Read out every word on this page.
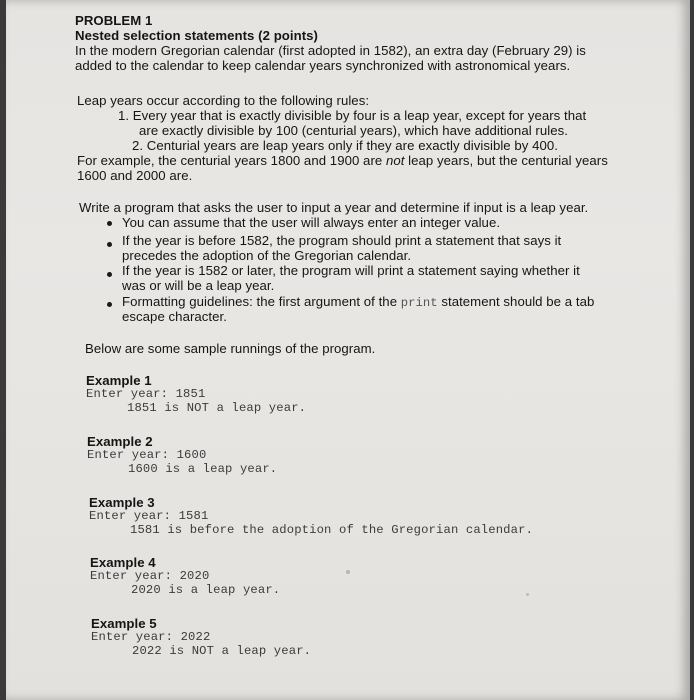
PROBLEM 1
Nested selection statements (2 points)
In the modern Gregorian calendar (first adopted in 1582), an extra day (February 29) is
added to the calendar to keep calendar years synchronized with astronomical years.
Leap years occur according to the following rules:
1. Every year that is exactly divisible by four is a leap year, except for years that
are exactly divisible by 100 (centurial years), which have additional rules.
2. Centurial years are leap years only if they are exactly divisible by 400.
For example, the centurial years 1800 and 1900 are not leap years, but the centurial years
1600 and 2000 are.
Write a program that asks the user to input a year and determine if input is a leap year.
You can assume that the user will always enter an integer value.
If the year is before 1582, the program should print a statement that says it
precedes the adoption of the Gregorian calendar.
If the year is 1582 or later, the program will print a statement saying whether it
was or will be a leap year.
Formatting guidelines: the first argument of the print statement should be a tab
escape character.
Below are some sample runnings of the program.
Example 1
Enter year: 1851
1851 is NOT a leap year.
Example 2
Enter year: 1600
1600 is a leap year.
Example 3
Enter year: 1581
1581 is before the adoption of the Gregorian calendar.
Example 4
Enter year: 2020
2020 is a leap year.
Example 5
Enter year: 2022
2022 is NOT a leap year.
